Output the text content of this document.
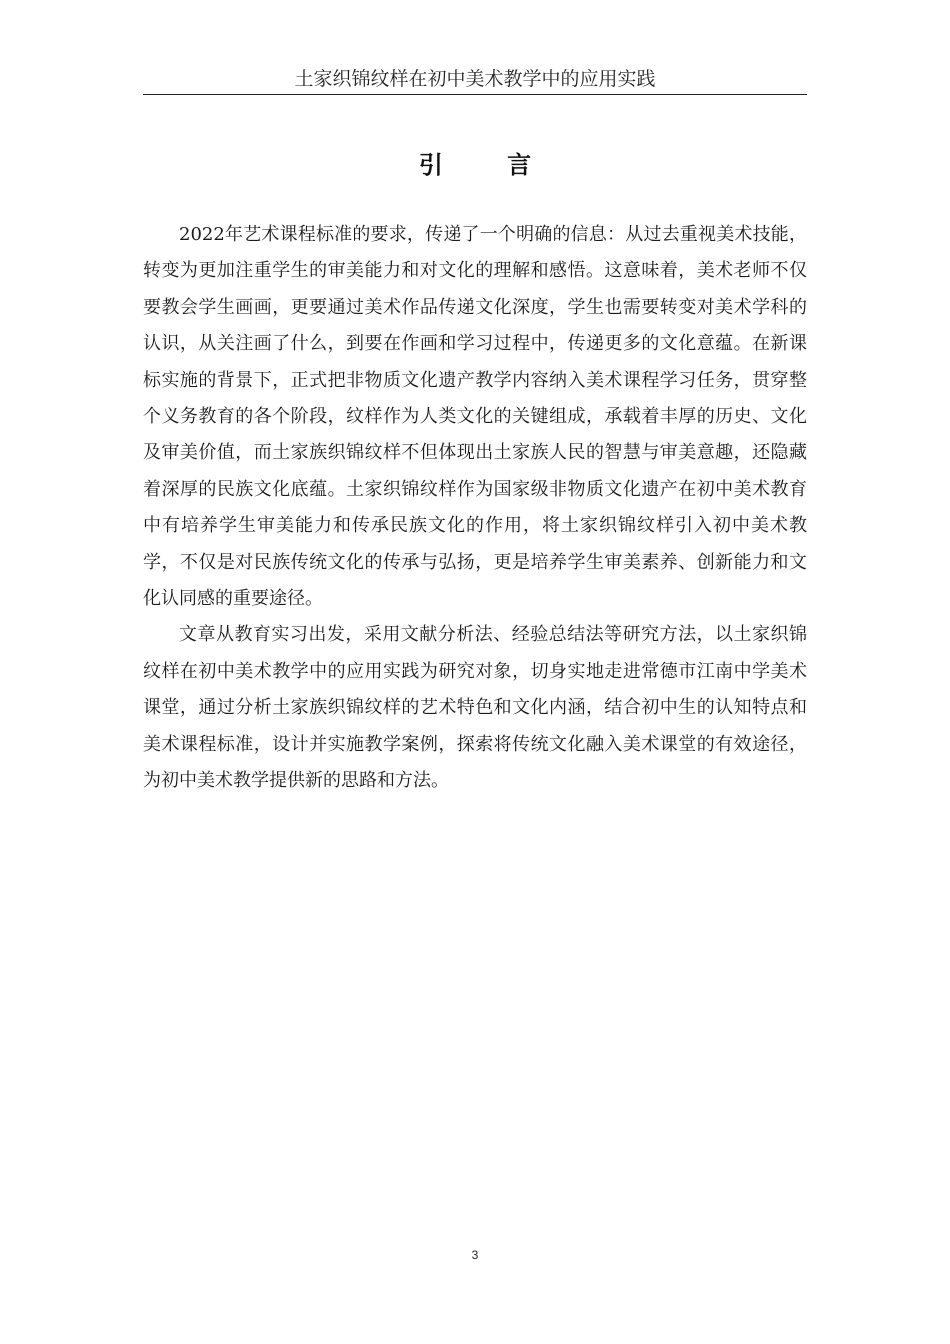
土家织锦纹样在初中美术教学中的应用实践
引 言

2022年艺术课程标准的要求，传递了一个明确的信息：从过去重视美术技能，转变为更加注重学生的审美能力和对文化的理解和感悟。这意味着，美术老师不仅要教会学生画画，更要通过美术作品传递文化深度，学生也需要转变对美术学科的认识，从关注画了什么，到要在作画和学习过程中，传递更多的文化意蕴。在新课标实施的背景下，正式把非物质文化遗产教学内容纳入美术课程学习任务，贯穿整个义务教育的各个阶段，纹样作为人类文化的关键组成，承载着丰厚的历史、文化及审美价值，而土家族织锦纹样不但体现出土家族人民的智慧与审美意趣，还隐藏着深厚的民族文化底蕴。土家织锦纹样作为国家级非物质文化遗产在初中美术教育中有培养学生审美能力和传承民族文化的作用，将土家织锦纹样引入初中美术教学，不仅是对民族传统文化的传承与弘扬，更是培养学生审美素养、创新能力和文化认同感的重要途径。

文章从教育实习出发，采用文献分析法、经验总结法等研究方法，以土家织锦纹样在初中美术教学中的应用实践为研究对象，切身实地走进常德市江南中学美术课堂，通过分析土家族织锦纹样的艺术特色和文化内涵，结合初中生的认知特点和美术课程标准，设计并实施教学案例，探索将传统文化融入美术课堂的有效途径，为初中美术教学提供新的思路和方法。

3
